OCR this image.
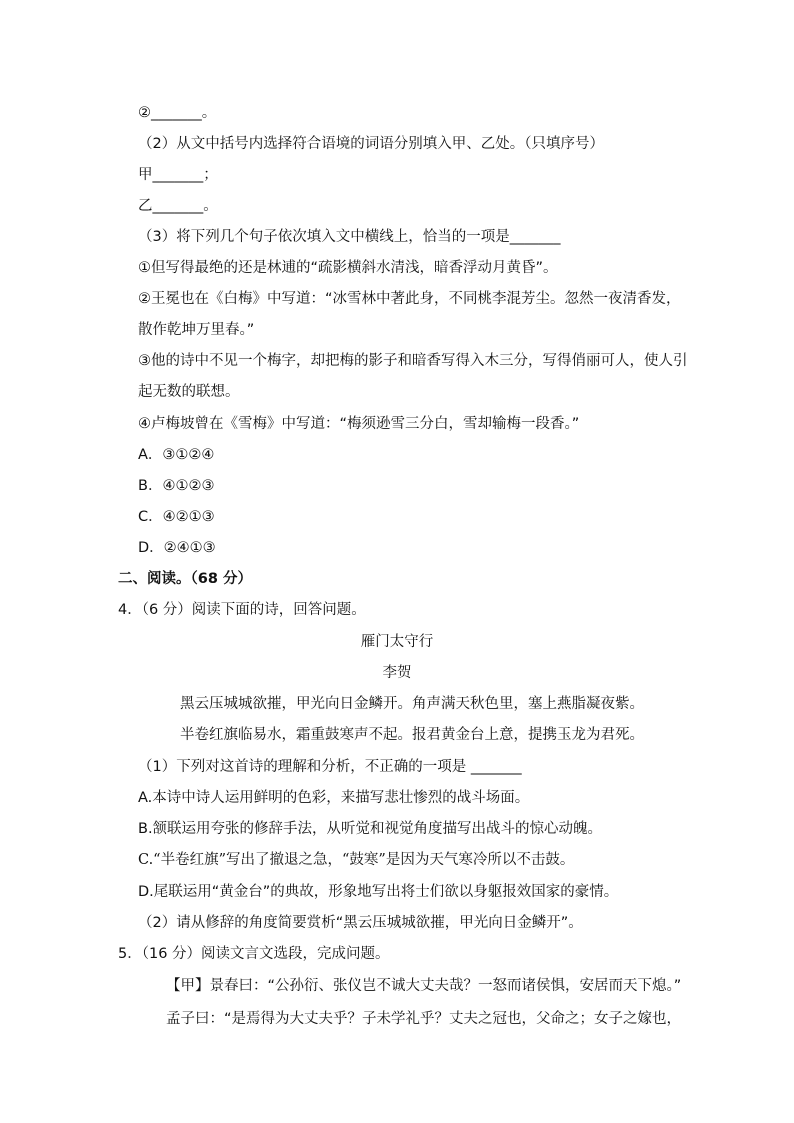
②_______。
（2）从文中括号内选择符合语境的词语分别填入甲、乙处。（只填序号）
甲_______；
乙_______。
（3）将下列几个句子依次填入文中横线上，恰当的一项是_______
①但写得最绝的还是林逋的“疏影横斜水清浅，暗香浮动月黄昏”。
②王冕也在《白梅》中写道：“冰雪林中著此身，不同桃李混芳尘。忽然一夜清香发，
散作乾坤万里春。”
③他的诗中不见一个梅字，却把梅的影子和暗香写得入木三分，写得俏丽可人，使人引
起无数的联想。
④卢梅坡曾在《雪梅》中写道：“梅须逊雪三分白，雪却输梅一段香。”
A．③①②④
B．④①②③
C．④②①③
D．②④①③
二、阅读。（68 分）
4．（6 分）阅读下面的诗，回答问题。
雁门太守行
李贺
黑云压城城欲摧，甲光向日金鳞开。角声满天秋色里，塞上燕脂凝夜紫。
半卷红旗临易水，霜重鼓寒声不起。报君黄金台上意，提携玉龙为君死。
（1）下列对这首诗的理解和分析，不正确的一项是 _______
A.本诗中诗人运用鲜明的色彩，来描写悲壮惨烈的战斗场面。
B.颔联运用夸张的修辞手法，从听觉和视觉角度描写出战斗的惊心动魄。
C.“半卷红旗”写出了撤退之急，“鼓寒”是因为天气寒冷所以不击鼓。
D.尾联运用“黄金台”的典故，形象地写出将士们欲以身躯报效国家的豪情。
（2）请从修辞的角度简要赏析“黑云压城城欲摧，甲光向日金鳞开”。
5．（16 分）阅读文言文选段，完成问题。
【甲】景春曰：“公孙衍、张仪岂不诚大丈夫哉？一怒而诸侯惧，安居而天下熄。”
孟子曰：“是焉得为大丈夫乎？子未学礼乎？丈夫之冠也，父命之；女子之嫁也，
